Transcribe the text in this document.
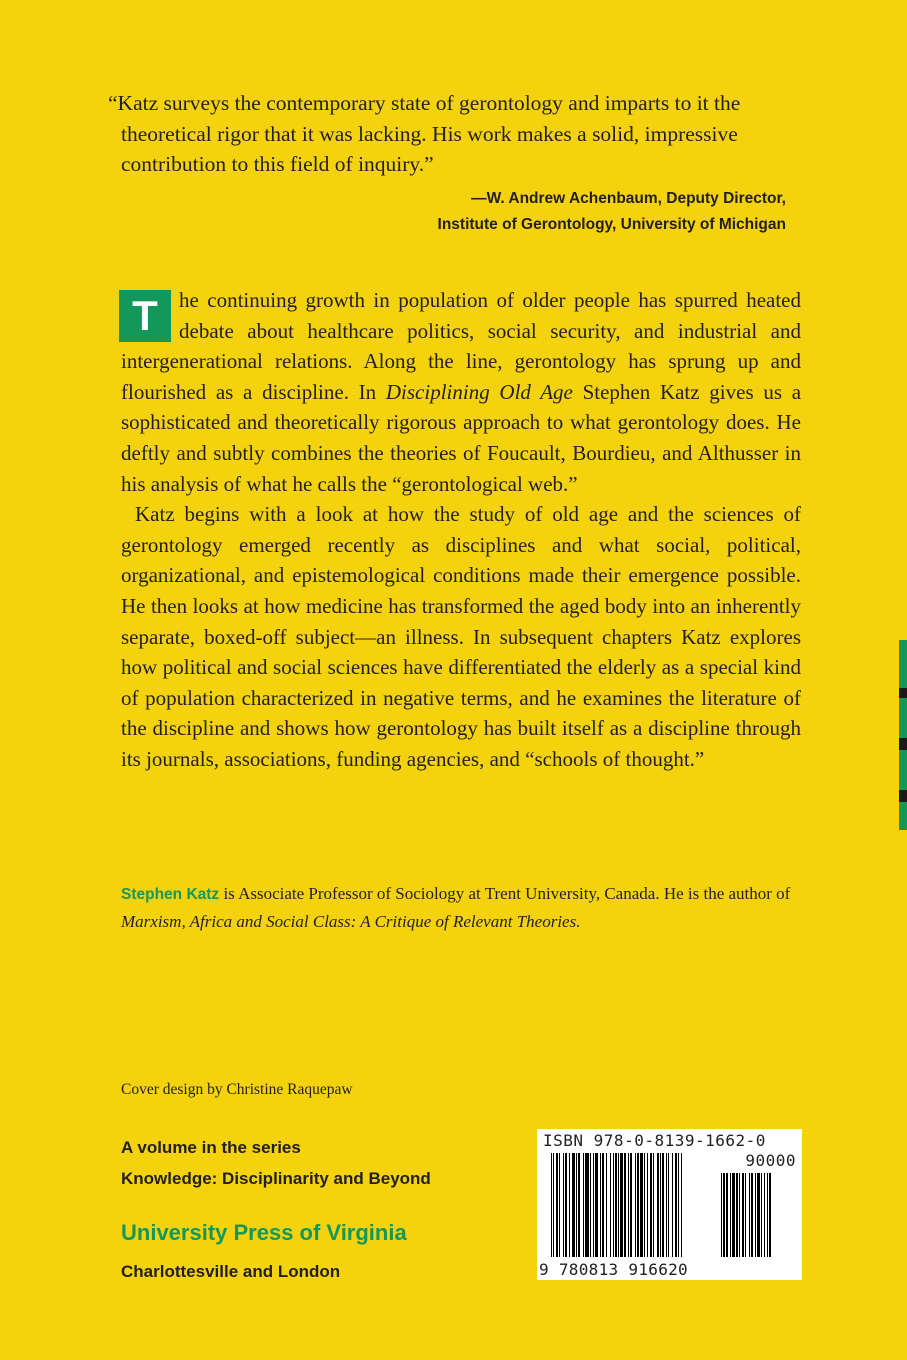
“Katz surveys the contemporary state of gerontology and imparts to it the theoretical rigor that it was lacking. His work makes a solid, impressive contribution to this field of inquiry.”

—W. Andrew Achenbaum, Deputy Director,
Institute of Gerontology, University of Michigan

T	he continuing growth in population of older people has spurred heated debate about healthcare politics, social security, and industrial and intergenerational relations. Along the line, gerontology has sprung up and flourished as a discipline. In Disciplining Old Age Stephen Katz gives us a sophisticated and theoretically rigorous approach to what gerontology does. He deftly and subtly combines the theories of Foucault, Bourdieu, and Althusser in his analysis of what he calls the “gerontological web.”

Katz begins with a look at how the study of old age and the sciences of gerontology emerged recently as disciplines and what social, political, organizational, and epistemological conditions made their emergence possible. He then looks at how medicine has transformed the aged body into an inherently separate, boxed-off subject—an illness. In subsequent chapters Katz explores how political and social sciences have differentiated the elderly as a special kind of population characterized in negative terms, and he examines the literature of the discipline and shows how gerontology has built itself as a discipline through its journals, associations, funding agencies, and “schools of thought.”

Stephen Katz is Associate Professor of Sociology at Trent University, Canada. He is the author of Marxism, Africa and Social Class: A Critique of Relevant Theories.

Cover design by Christine Raquepaw
A volume in the series
Knowledge: Disciplinarity and Beyond
University Press of Virginia
Charlottesville and London
ISBN 978-0-8139-1662-0
90000
9 780813 916620
